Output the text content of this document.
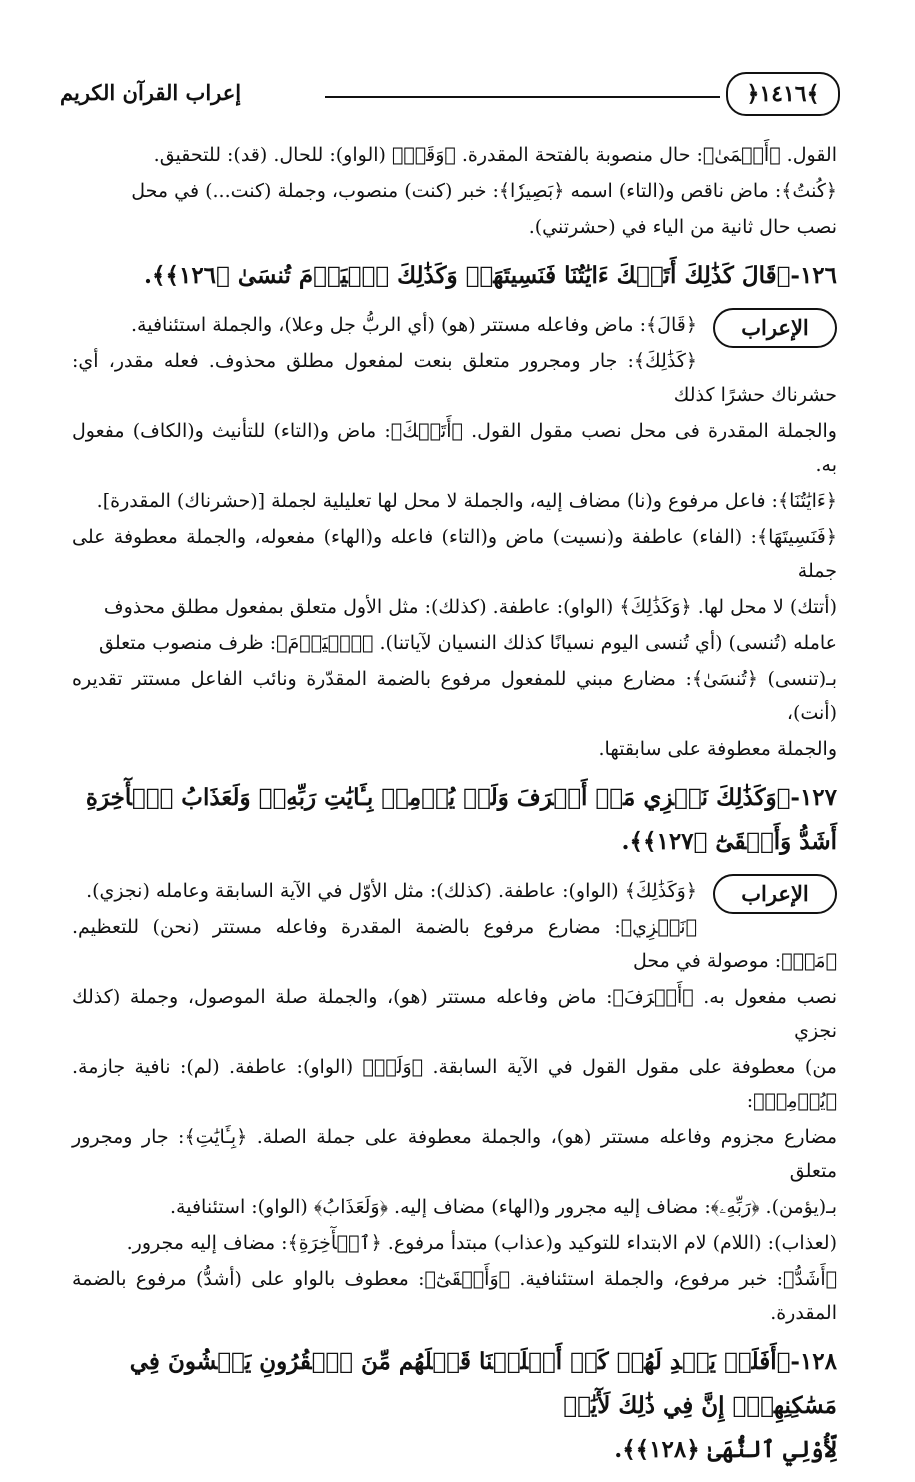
إعراب القرآن الكريم	﴿١٤١٦﴾
القول. ﴿أَعۡمَىٰ﴾: حال منصوبة بالفتحة المقدرة. ﴿وَقَدۡ﴾ (الواو): للحال. (قد): للتحقيق.
﴿كُنتُ﴾: ماض ناقص و(التاء) اسمه ﴿بَصِيرٗا﴾: خبر (كنت) منصوب، وجملة (كنت...) في محل
نصب حال ثانية من الياء في (حشرتني).
١٢٦-﴿قَالَ كَذَٰلِكَ أَتَتۡكَ ءَايَٰتُنَا فَنَسِيتَهَاۖ وَكَذَٰلِكَ ٱلۡيَوۡمَ تُنسَىٰ ﴿١٢٦﴾﴾.
الإعراب
﴿قَالَ﴾: ماض وفاعله مستتر (هو) (أي الربُّ جل وعلا)، والجملة استئنافية.
﴿كَذَٰلِكَ﴾: جار ومجرور متعلق بنعت لمفعول مطلق محذوف. فعله مقدر، أي: حشرناك حشرًا كذلك
والجملة المقدرة فى محل نصب مقول القول. ﴿أَتَتۡكَ﴾: ماض و(التاء) للتأنيث و(الكاف) مفعول به.
﴿ءَايَٰتُنَا﴾: فاعل مرفوع و(نا) مضاف إليه، والجملة لا محل لها تعليلية لجملة [(حشرناك) المقدرة].
﴿فَنَسِيتَهَا﴾: (الفاء) عاطفة و(نسيت) ماض و(التاء) فاعله و(الهاء) مفعوله، والجملة معطوفة على جملة
(أتتك) لا محل لها. ﴿وَكَذَٰلِكَ﴾ (الواو): عاطفة. (كذلك): مثل الأول متعلق بمفعول مطلق محذوف
عامله (تُنسى) (أي تُنسى اليوم نسيانًا كذلك النسيان لآياتنا). ﴿ٱلۡيَوۡمَ﴾: ظرف منصوب متعلق
بـ(تنسى) ﴿تُنسَىٰ﴾: مضارع مبني للمفعول مرفوع بالضمة المقدّرة ونائب الفاعل مستتر تقديره (أنت)،
والجملة معطوفة على سابقتها.
١٢٧-﴿وَكَذَٰلِكَ نَجۡزِي مَنۡ أَسۡرَفَ وَلَمۡ يُؤۡمِنۢ بِـَٔايَٰتِ رَبِّهِۦۚ وَلَعَذَابُ ٱلۡأٓخِرَةِ أَشَدُّ وَأَبۡقَىٰٓ ﴿١٢٧﴾﴾.
الإعراب
﴿وَكَذَٰلِكَ﴾ (الواو): عاطفة. (كذلك): مثل الأوّل في الآية السابقة وعامله (نجزي).
﴿نَجۡزِي﴾: مضارع مرفوع بالضمة المقدرة وفاعله مستتر (نحن) للتعظيم. ﴿مَنۡ﴾: موصولة في محل
نصب مفعول به. ﴿أَسۡرَفَ﴾: ماض وفاعله مستتر (هو)، والجملة صلة الموصول، وجملة (كذلك نجزي
من) معطوفة على مقول القول في الآية السابقة. ﴿وَلَمۡ﴾ (الواو): عاطفة. (لم): نافية جازمة. ﴿يُؤۡمِنۢ﴾:
مضارع مجزوم وفاعله مستتر (هو)، والجملة معطوفة على جملة الصلة. ﴿بِـَٔايَٰتِ﴾: جار ومجرور متعلق
بـ(يؤمن). ﴿رَبِّهِۦ﴾: مضاف إليه مجرور و(الهاء) مضاف إليه. ﴿وَلَعَذَابُ﴾ (الواو): استئنافية.
(لعذاب): (اللام) لام الابتداء للتوكيد و(عذاب) مبتدأ مرفوع. ﴿ٱلۡأٓخِرَةِ﴾: مضاف إليه مجرور.
﴿أَشَدُّ﴾: خبر مرفوع، والجملة استئنافية. ﴿وَأَبۡقَىٰٓ﴾: معطوف بالواو على (أشدُّ) مرفوع بالضمة المقدرة.
١٢٨-﴿أَفَلَمۡ يَهۡدِ لَهُمۡ كَمۡ أَهۡلَكۡنَا قَبۡلَهُم مِّنَ ٱلۡقُرُونِ يَمۡشُونَ فِي مَسَٰكِنِهِمۡۚ إِنَّ فِي ذَٰلِكَ لَأٓيَٰتٖ
لِّأُوْلِي ٱلنُّهَىٰ ﴿١٢٨﴾﴾.
